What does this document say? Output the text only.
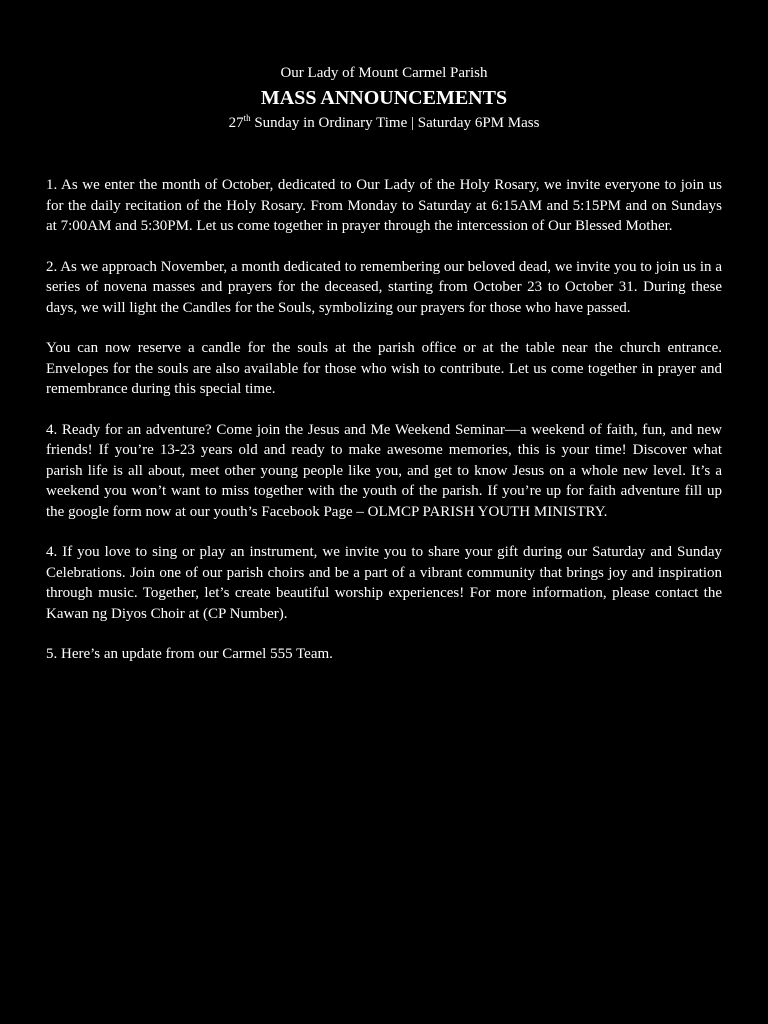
Our Lady of Mount Carmel Parish

MASS ANNOUNCEMENTS

27th Sunday in Ordinary Time | Saturday 6PM Mass

1. As we enter the month of October, dedicated to Our Lady of the Holy Rosary, we invite everyone to join us for the daily recitation of the Holy Rosary. From Monday to Saturday at 6:15AM and 5:15PM and on Sundays at 7:00AM and 5:30PM. Let us come together in prayer through the intercession of Our Blessed Mother.

2. As we approach November, a month dedicated to remembering our beloved dead, we invite you to join us in a series of novena masses and prayers for the deceased, starting from October 23 to October 31. During these days, we will light the Candles for the Souls, symbolizing our prayers for those who have passed.

You can now reserve a candle for the souls at the parish office or at the table near the church entrance. Envelopes for the souls are also available for those who wish to contribute. Let us come together in prayer and remembrance during this special time.

4. Ready for an adventure? Come join the Jesus and Me Weekend Seminar—a weekend of faith, fun, and new friends! If you’re 13-23 years old and ready to make awesome memories, this is your time! Discover what parish life is all about, meet other young people like you, and get to know Jesus on a whole new level. It’s a weekend you won’t want to miss together with the youth of the parish. If you’re up for faith adventure fill up the google form now at our youth’s Facebook Page – OLMCP PARISH YOUTH MINISTRY.

4. If you love to sing or play an instrument, we invite you to share your gift during our Saturday and Sunday Celebrations. Join one of our parish choirs and be a part of a vibrant community that brings joy and inspiration through music. Together, let’s create beautiful worship experiences! For more information, please contact the Kawan ng Diyos Choir at (CP Number).

5. Here’s an update from our Carmel 555 Team.
